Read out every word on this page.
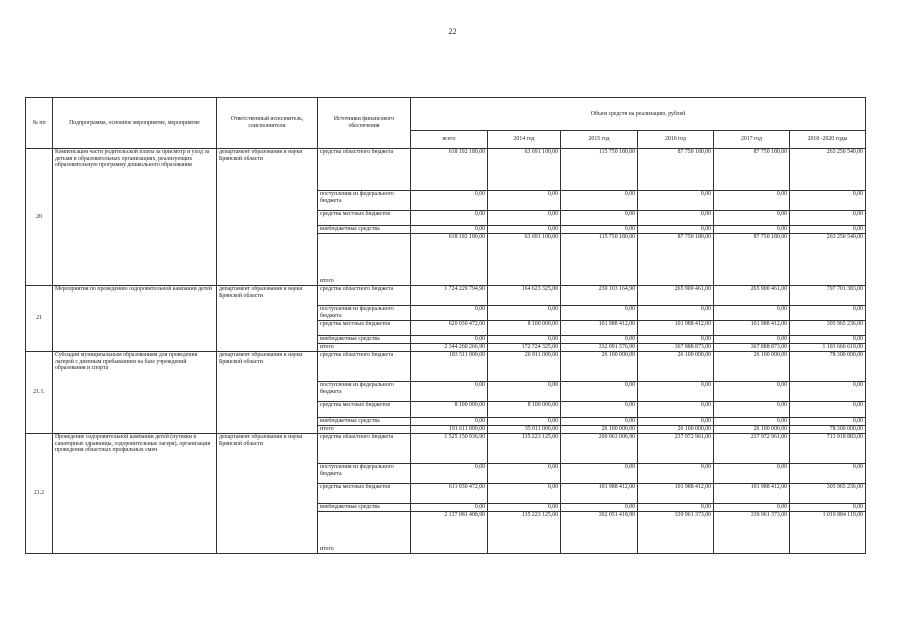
22
№ пп	Подпрограмма, основное мероприятие, мероприятие	Ответственный исполнитель, соисполнители	Источники финансового обеспечения	Объем средств на реализацию, рублей					
				всего	2014 год	2015 год	2016 год	2017 год	2018 -2020 годы
20	Компенсация части родительской платы за присмотр и уход за детьми в образовательных организациях, реализующих образовательную программу дошкольного образования	департамент образования и науки Брянской области	средства областного бюджета	618 192 180,00	63 691 100,00	115 750 180,00	87 750 180,00	87 750 180,00	263 250 540,00
			поступления из федерального бюджета	0,00	0,00	0,00	0,00	0,00	0,00
			средства местных бюджетов	0,00	0,00	0,00	0,00	0,00	0,00
			внебюджетные средства	0,00	0,00	0,00	0,00	0,00	0,00
			итого	618 192 180,00	63 691 100,00	115 750 180,00	87 750 180,00	87 750 180,00	263 250 540,00
21	Мероприятия по проведению оздоровительной кампании детей	департамент образования и науки Брянской области	средства областного бюджета	1 724 229 794,90	164 623 325,00	230 103 164,90	265 900 461,00	265 900 461,00	797 701 383,00
			поступления из федерального бюджета	0,00	0,00	0,00	0,00	0,00	0,00
			средства местных бюджетов	620 030 472,00	8 100 000,00	101 988 412,00	101 988 412,00	101 988 412,00	305 965 236,00
			внебюджетные средства	0,00	0,00	0,00	0,00	0,00	0,00
			итого	2 344 260 266,90	172 724 325,00	332 091 576,90	367 888 873,00	367 888 873,00	1 103 666 619,00
21.1.	Субсидии муниципальным образованиям для проведения лагерей с дневным пребыванием на базе учреждений образования и спорта	департамент образования и науки Брянской области	средства областного бюджета	183 511 000,00	26 911 000,00	26 100 000,00	26 100 000,00	26 100 000,00	78 300 000,00
			поступления из федерального бюджета	0,00	0,00	0,00	0,00	0,00	0,00
			средства местных бюджетов	8 100 000,00	8 100 000,00	0,00	0,00	0,00	0,00
			внебюджетные средства	0,00	0,00	0,00	0,00	0,00	0,00
			итого	191 611 000,00	35 011 000,00	26 100 000,00	26 100 000,00	26 100 000,00	78 300 000,00
21.2	Проведение оздоровительной кампании детей (путевки в санаторные здравницы, оздоровительные лагеря), организация проведения областных профильных смен	департамент образования и науки Брянской области	средства областного бюджета	1 525 150 936,90	135 223 125,00	200 063 006,90	237 972 961,00	237 972 961,00	713 918 883,00
			поступления из федерального бюджета	0,00	0,00	0,00	0,00	0,00	0,00
			средства местных бюджетов	611 930 472,00	0,00	101 988 412,00	101 988 412,00	101 988 412,00	305 965 236,00
			внебюджетные средства	0,00	0,00	0,00	0,00	0,00	0,00
			итого	2 137 081 408,90	135 223 125,00	302 051 418,90	339 961 373,00	339 961 373,00	1 019 884 119,00
